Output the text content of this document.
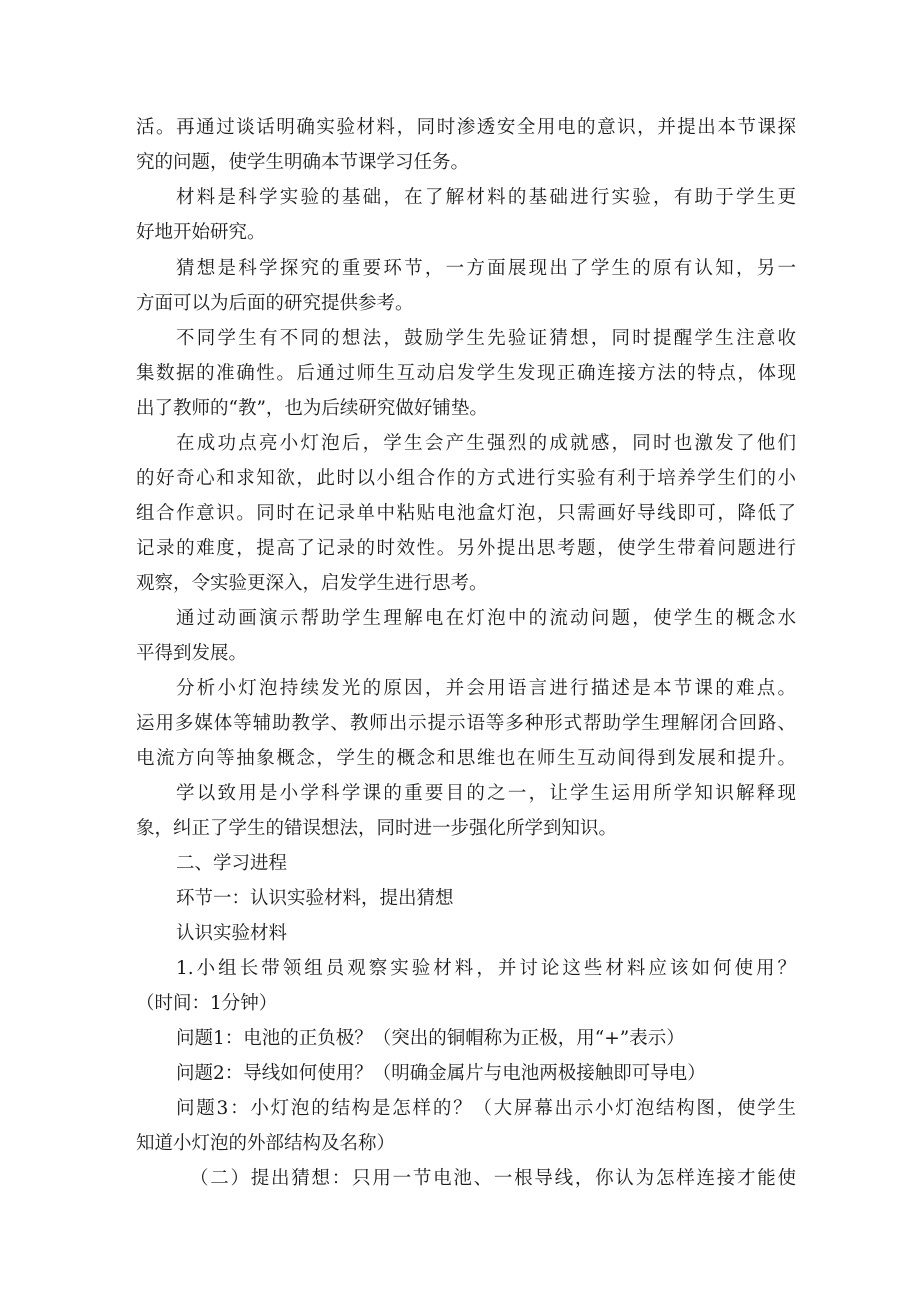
活。再通过谈话明确实验材料，同时渗透安全用电的意识，并提出本节课探
究的问题，使学生明确本节课学习任务。
材料是科学实验的基础，在了解材料的基础进行实验，有助于学生更
好地开始研究。
猜想是科学探究的重要环节，一方面展现出了学生的原有认知，另一
方面可以为后面的研究提供参考。
不同学生有不同的想法，鼓励学生先验证猜想，同时提醒学生注意收
集数据的准确性。后通过师生互动启发学生发现正确连接方法的特点，体现
出了教师的“教”，也为后续研究做好铺垫。
在成功点亮小灯泡后，学生会产生强烈的成就感，同时也激发了他们
的好奇心和求知欲，此时以小组合作的方式进行实验有利于培养学生们的小
组合作意识。同时在记录单中粘贴电池盒灯泡，只需画好导线即可，降低了
记录的难度，提高了记录的时效性。另外提出思考题，使学生带着问题进行
观察，令实验更深入，启发学生进行思考。
通过动画演示帮助学生理解电在灯泡中的流动问题，使学生的概念水
平得到发展。
分析小灯泡持续发光的原因，并会用语言进行描述是本节课的难点。
运用多媒体等辅助教学、教师出示提示语等多种形式帮助学生理解闭合回路、
电流方向等抽象概念，学生的概念和思维也在师生互动间得到发展和提升。
学以致用是小学科学课的重要目的之一，让学生运用所学知识解释现
象，纠正了学生的错误想法，同时进一步强化所学到知识。
二、学习进程
环节一：认识实验材料，提出猜想
认识实验材料
1.小组长带领组员观察实验材料，并讨论这些材料应该如何使用？
（时间：1分钟）
问题1：电池的正负极？（突出的铜帽称为正极，用“+”表示）
问题2：导线如何使用？（明确金属片与电池两极接触即可导电）
问题3：小灯泡的结构是怎样的？（大屏幕出示小灯泡结构图，使学生
知道小灯泡的外部结构及名称）
（二）提出猜想：只用一节电池、一根导线，你认为怎样连接才能使
